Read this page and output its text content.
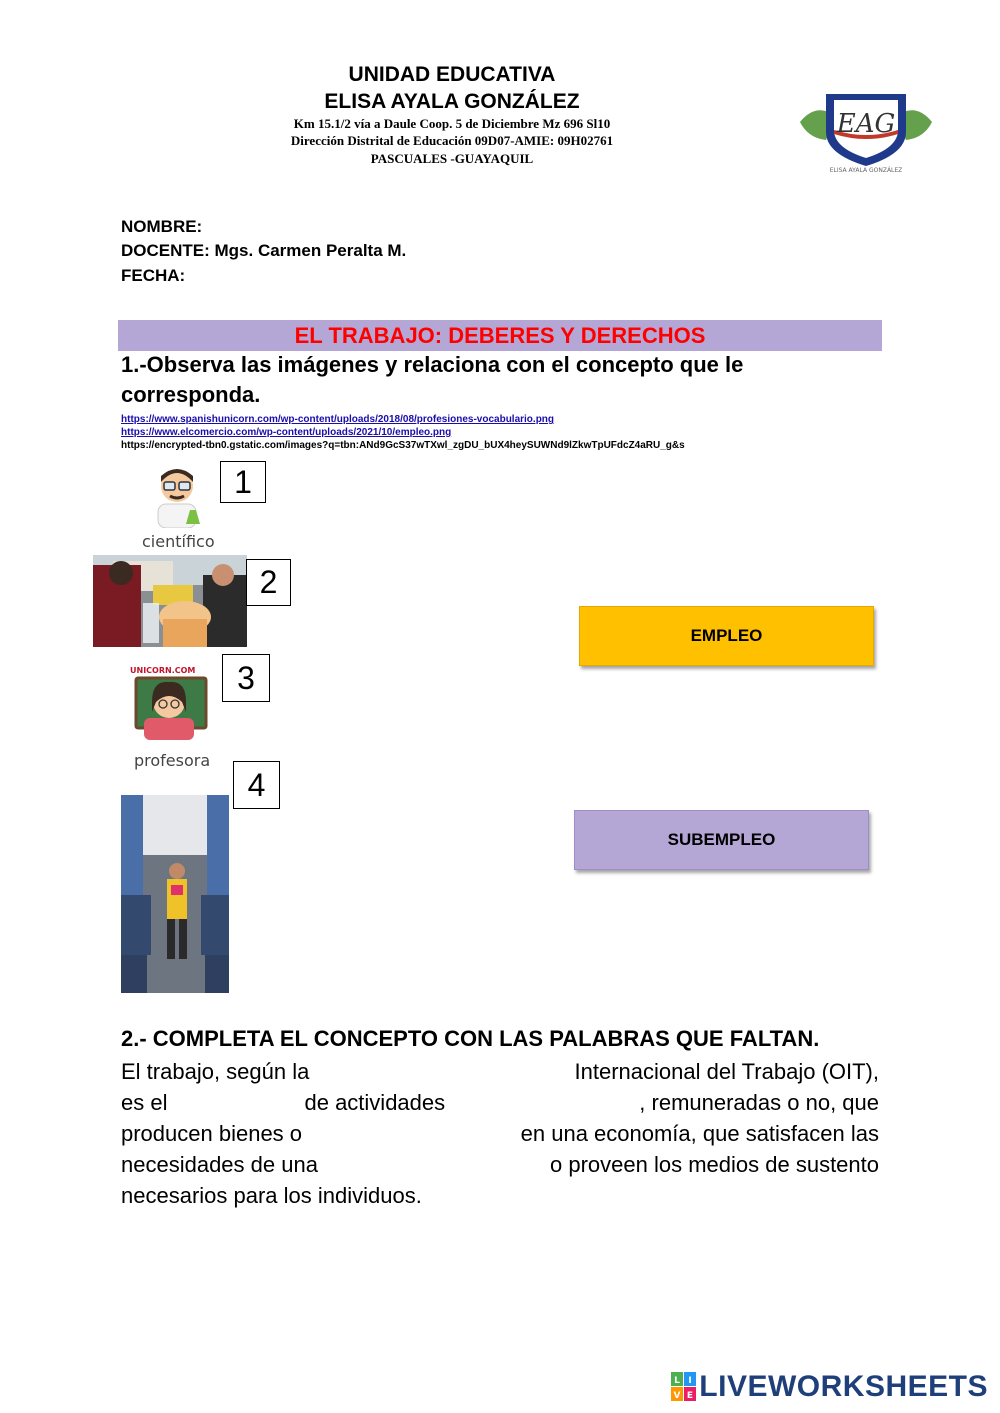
UNIDAD EDUCATIVA
ELISA AYALA GONZÁLEZ
Km 15.1/2 vía a Daule Coop. 5 de Diciembre Mz 696 Sl10
Dirección Distrital de Educación 09D07-AMIE: 09H02761
PASCUALES -GUAYAQUIL
EAG
ELISA AYALA GONZÁLEZ
NOMBRE:
DOCENTE: Mgs. Carmen Peralta M.
FECHA:
EL TRABAJO: DEBERES Y DERECHOS
1.-Observa las imágenes y relaciona con el concepto que le corresponda.
https://www.spanishunicorn.com/wp-content/uploads/2018/08/profesiones-vocabulario.png
https://www.elcomercio.com/wp-content/uploads/2021/10/empleo.png
https://encrypted-tbn0.gstatic.com/images?q=tbn:ANd9GcS37wTXwl_zgDU_bUX4heySUWNd9lZkwTpUFdcZ4aRU_g&s
científico
1
2
UNICORN.COM
profesora
3
4
EMPLEO
SUBEMPLEO
2.- COMPLETA EL CONCEPTO CON LAS PALABRAS QUE FALTAN.
El trabajo, según la	Internacional del Trabajo (OIT),
es el	de actividades	, remuneradas o no, que
producen bienes o	en una economía, que satisfacen las
necesidades de una	o proveen los medios de sustento
necesarios para los individuos.
L I
V E LIVEWORKSHEETS
